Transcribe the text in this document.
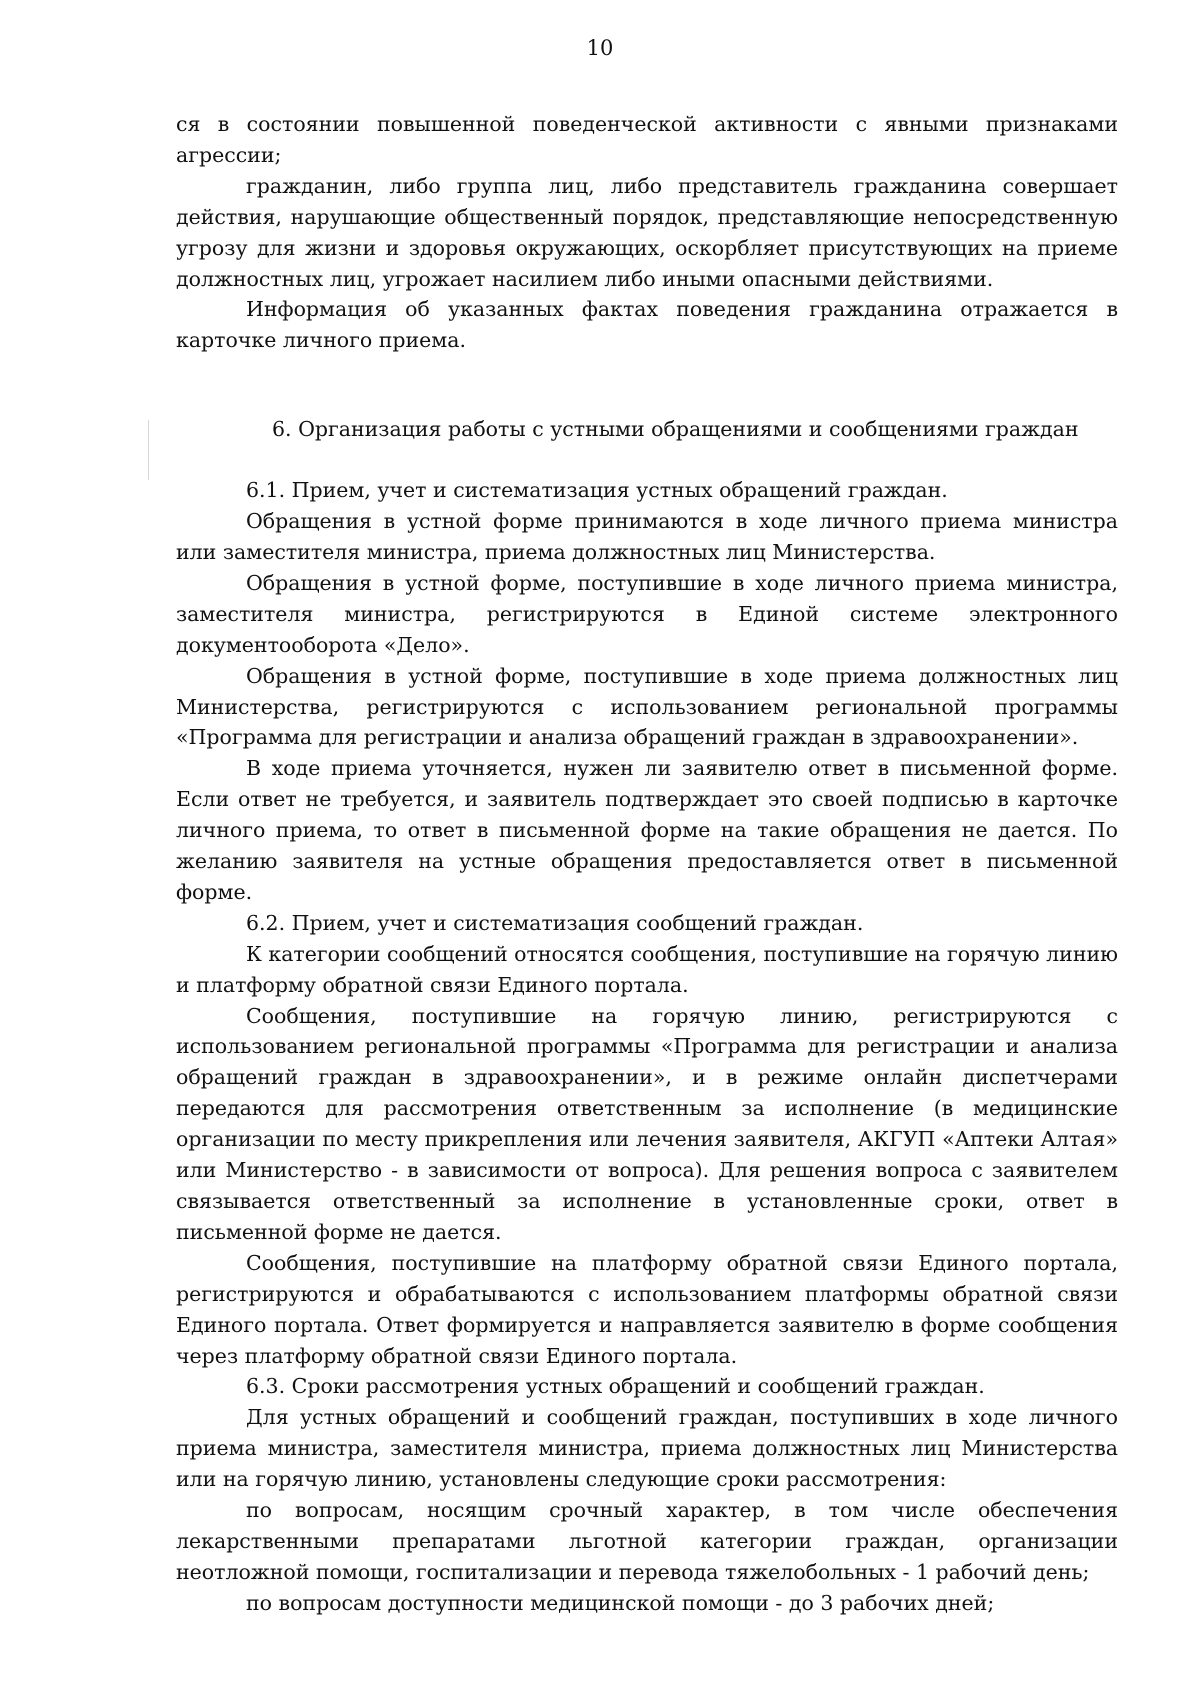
10

ся в состоянии повышенной поведенческой активности с явными признаками агрессии;

гражданин, либо группа лиц, либо представитель гражданина совершает действия, нарушающие общественный порядок, представляющие непосредственную угрозу для жизни и здоровья окружающих, оскорбляет присутствующих на приеме должностных лиц, угрожает насилием либо иными опасными действиями.

Информация об указанных фактах поведения гражданина отражается в карточке личного приема.

6. Организация работы с устными обращениями и сообщениями граждан

6.1. Прием, учет и систематизация устных обращений граждан.

Обращения в устной форме принимаются в ходе личного приема министра или заместителя министра, приема должностных лиц Министерства.

Обращения в устной форме, поступившие в ходе личного приема министра, заместителя министра, регистрируются в Единой системе электронного документооборота «Дело».

Обращения в устной форме, поступившие в ходе приема должностных лиц Министерства, регистрируются с использованием региональной программы «Программа для регистрации и анализа обращений граждан в здравоохранении».

В ходе приема уточняется, нужен ли заявителю ответ в письменной форме. Если ответ не требуется, и заявитель подтверждает это своей подписью в карточке личного приема, то ответ в письменной форме на такие обращения не дается. По желанию заявителя на устные обращения предоставляется ответ в письменной форме.

6.2. Прием, учет и систематизация сообщений граждан.

К категории сообщений относятся сообщения, поступившие на горячую линию и платформу обратной связи Единого портала.

Сообщения, поступившие на горячую линию, регистрируются с использованием региональной программы «Программа для регистрации и анализа обращений граждан в здравоохранении», и в режиме онлайн диспетчерами передаются для рассмотрения ответственным за исполнение (в медицинские организации по месту прикрепления или лечения заявителя, АКГУП «Аптеки Алтая» или Министерство - в зависимости от вопроса). Для решения вопроса с заявителем связывается ответственный за исполнение в установленные сроки, ответ в письменной форме не дается.

Сообщения, поступившие на платформу обратной связи Единого портала, регистрируются и обрабатываются с использованием платформы обратной связи Единого портала. Ответ формируется и направляется заявителю в форме сообщения через платформу обратной связи Единого портала.

6.3. Сроки рассмотрения устных обращений и сообщений граждан.

Для устных обращений и сообщений граждан, поступивших в ходе личного приема министра, заместителя министра, приема должностных лиц Министерства или на горячую линию, установлены следующие сроки рассмотрения:

по вопросам, носящим срочный характер, в том числе обеспечения лекарственными препаратами льготной категории граждан, организации неотложной помощи, госпитализации и перевода тяжелобольных - 1 рабочий день;

по вопросам доступности медицинской помощи - до 3 рабочих дней;
